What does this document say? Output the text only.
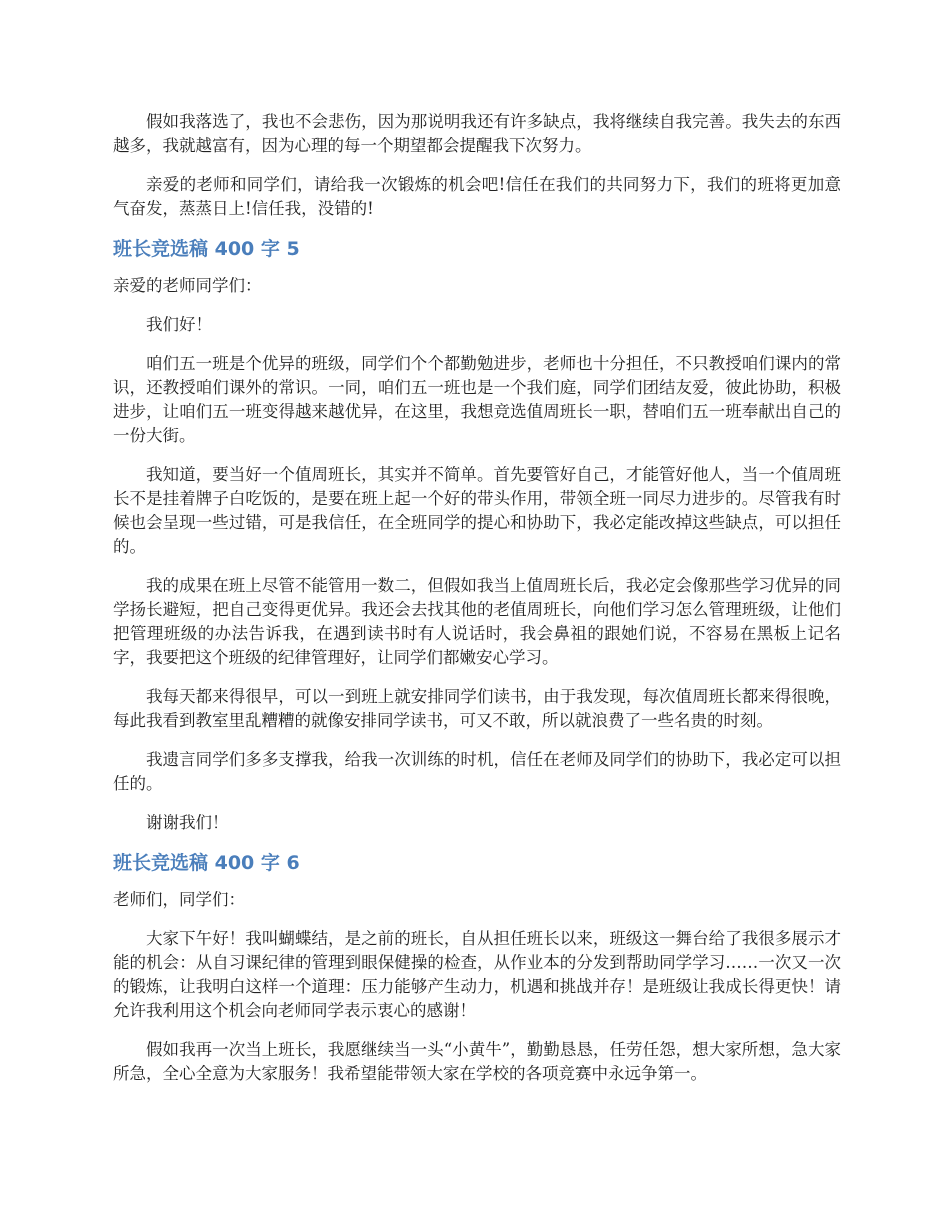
假如我落选了，我也不会悲伤，因为那说明我还有许多缺点，我将继续自我完善。我失去的东西越多，我就越富有，因为心理的每一个期望都会提醒我下次努力。

亲爱的老师和同学们，请给我一次锻炼的机会吧!信任在我们的共同努力下，我们的班将更加意气奋发，蒸蒸日上!信任我，没错的!

班长竞选稿 400 字 5

亲爱的老师同学们：

我们好！

咱们五一班是个优异的班级，同学们个个都勤勉进步，老师也十分担任，不只教授咱们课内的常识，还教授咱们课外的常识。一同，咱们五一班也是一个我们庭，同学们团结友爱，彼此协助，积极进步，让咱们五一班变得越来越优异，在这里，我想竞选值周班长一职，替咱们五一班奉献出自己的一份大街。

我知道，要当好一个值周班长，其实并不简单。首先要管好自己，才能管好他人，当一个值周班长不是挂着牌子白吃饭的，是要在班上起一个好的带头作用，带领全班一同尽力进步的。尽管我有时候也会呈现一些过错，可是我信任，在全班同学的提心和协助下，我必定能改掉这些缺点，可以担任的。

我的成果在班上尽管不能管用一数二，但假如我当上值周班长后，我必定会像那些学习优异的同学扬长避短，把自己变得更优异。我还会去找其他的老值周班长，向他们学习怎么管理班级，让他们把管理班级的办法告诉我，在遇到读书时有人说话时，我会鼻祖的跟她们说，不容易在黑板上记名字，我要把这个班级的纪律管理好，让同学们都嫩安心学习。

我每天都来得很早，可以一到班上就安排同学们读书，由于我发现，每次值周班长都来得很晚，每此我看到教室里乱糟糟的就像安排同学读书，可又不敢，所以就浪费了一些名贵的时刻。

我遗言同学们多多支撑我，给我一次训练的时机，信任在老师及同学们的协助下，我必定可以担任的。

谢谢我们！

班长竞选稿 400 字 6

老师们，同学们：

大家下午好！我叫蝴蝶结，是之前的班长，自从担任班长以来，班级这一舞台给了我很多展示才能的机会：从自习课纪律的管理到眼保健操的检查，从作业本的分发到帮助同学学习……一次又一次的锻炼，让我明白这样一个道理：压力能够产生动力，机遇和挑战并存！是班级让我成长得更快！请允许我利用这个机会向老师同学表示衷心的感谢！

假如我再一次当上班长，我愿继续当一头“小黄牛”，勤勤恳恳，任劳任怨，想大家所想，急大家所急，全心全意为大家服务！我希望能带领大家在学校的各项竞赛中永远争第一。
